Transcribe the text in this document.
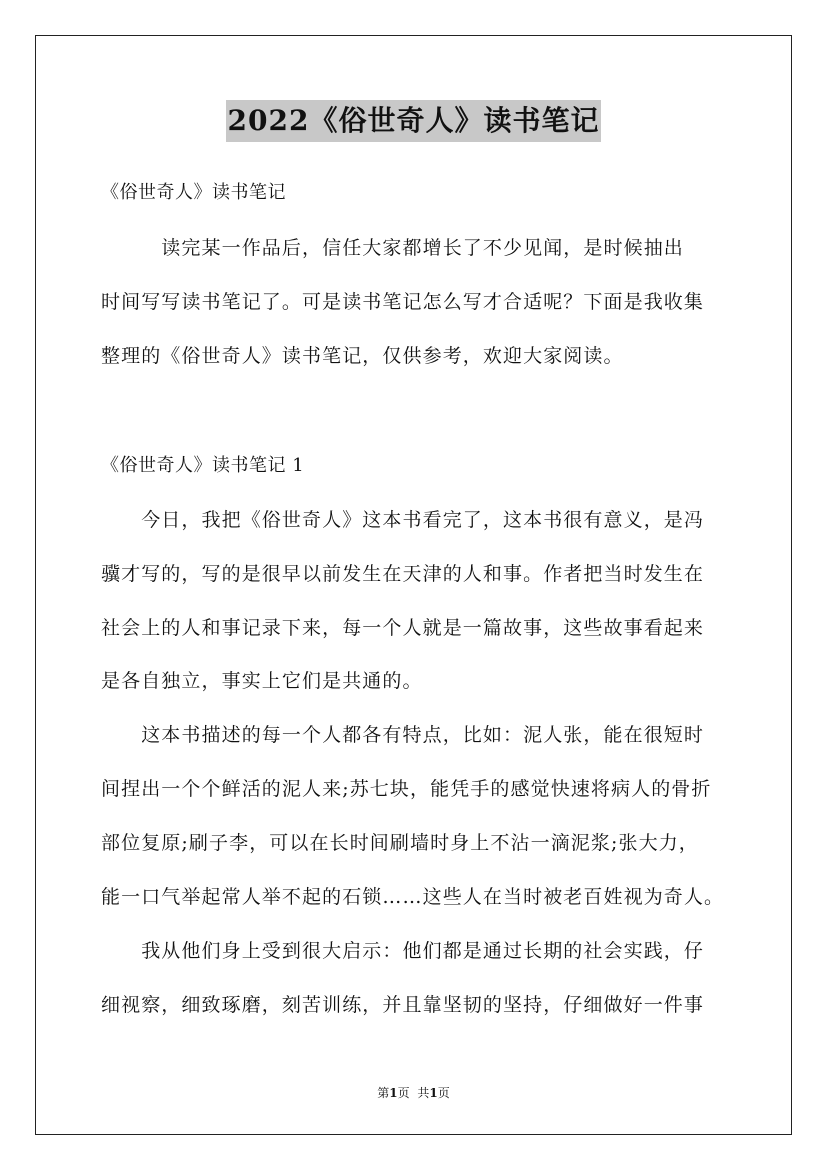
2022《俗世奇人》读书笔记
《俗世奇人》读书笔记
　　　读完某一作品后，信任大家都增长了不少见闻，是时候抽出
时间写写读书笔记了。可是读书笔记怎么写才合适呢？下面是我收集
整理的《俗世奇人》读书笔记，仅供参考，欢迎大家阅读。
《俗世奇人》读书笔记 1
　　今日，我把《俗世奇人》这本书看完了，这本书很有意义，是冯
骥才写的，写的是很早以前发生在天津的人和事。作者把当时发生在
社会上的人和事记录下来，每一个人就是一篇故事，这些故事看起来
是各自独立，事实上它们是共通的。
　　这本书描述的每一个人都各有特点，比如：泥人张，能在很短时
间捏出一个个鲜活的泥人来;苏七块，能凭手的感觉快速将病人的骨折
部位复原;刷子李，可以在长时间刷墙时身上不沾一滴泥浆;张大力，
能一口气举起常人举不起的石锁……这些人在当时被老百姓视为奇人。
　　我从他们身上受到很大启示：他们都是通过长期的社会实践，仔
细视察，细致琢磨，刻苦训练，并且靠坚韧的坚持，仔细做好一件事
第1页 共1页
